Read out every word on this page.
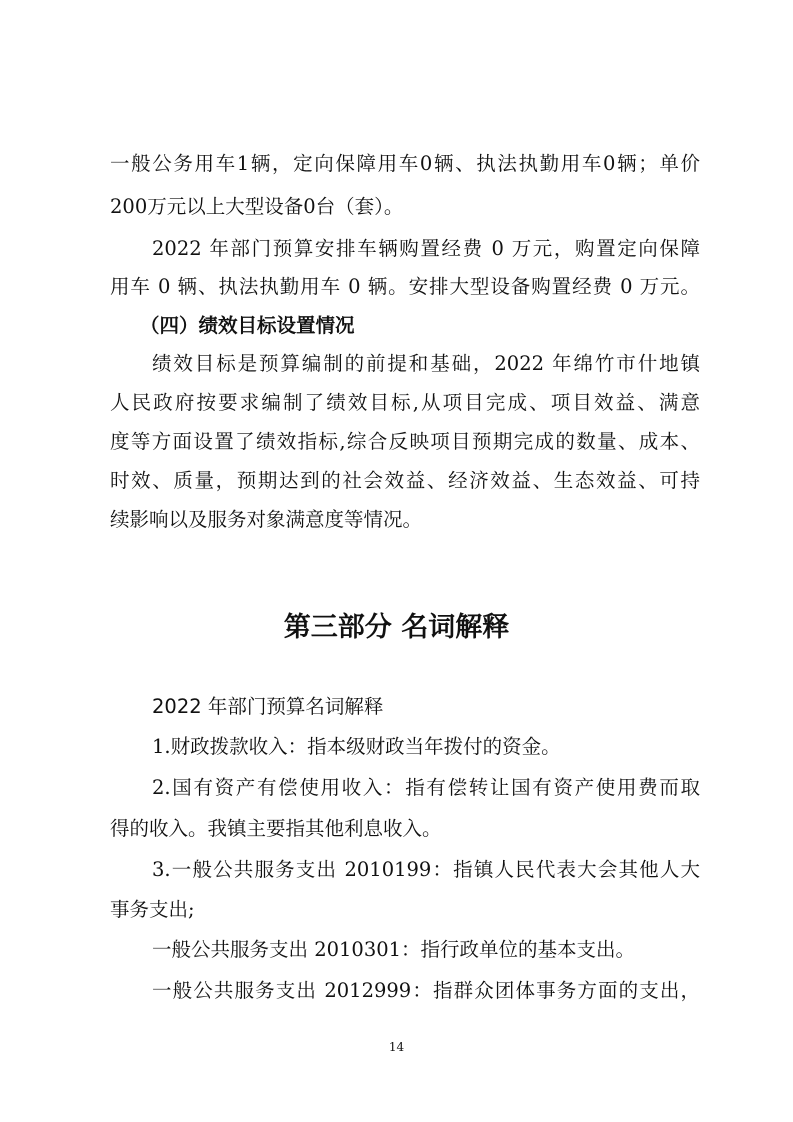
一般公务用车1辆，定向保障用车0辆、执法执勤用车0辆；单价
200万元以上大型设备0台（套）。
2022 年部门预算安排车辆购置经费 0 万元，购置定向保障
用车 0 辆、执法执勤用车 0 辆。安排大型设备购置经费 0 万元。
（四）绩效目标设置情况
绩效目标是预算编制的前提和基础，2022 年绵竹市什地镇
人民政府按要求编制了绩效目标,从项目完成、项目效益、满意
度等方面设置了绩效指标,综合反映项目预期完成的数量、成本、
时效、质量，预期达到的社会效益、经济效益、生态效益、可持
续影响以及服务对象满意度等情况。
第三部分 名词解释
2022 年部门预算名词解释
1.财政拨款收入：指本级财政当年拨付的资金。
2.国有资产有偿使用收入：指有偿转让国有资产使用费而取
得的收入。我镇主要指其他利息收入。
3.一般公共服务支出 2010199：指镇人民代表大会其他人大
事务支出;
一般公共服务支出 2010301：指行政单位的基本支出。
一般公共服务支出 2012999：指群众团体事务方面的支出，
14
